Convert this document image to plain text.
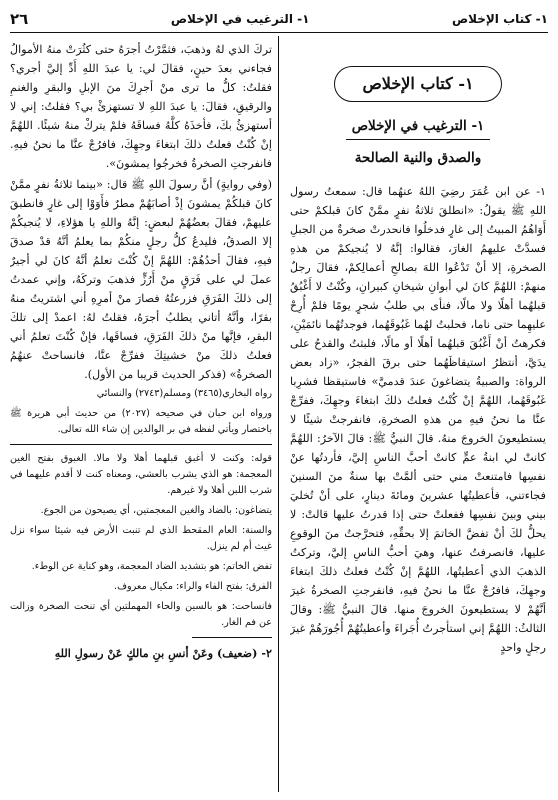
١- كتاب الإخلاص
١- الترغيب في الإخلاص
٢٦
١- كتاب الإخلاص
١- الترغيب في الإخلاص
والصدق والنية الصالحة

١- عن ابن عُمَرَ رضِيَ اللهُ عنهُما قال: سمعتُ رسول اللهِ ﷺ يقولُ: «انطلقَ ثلاثةُ نفرٍ ممَّنْ كانَ قبلكمْ حتى أَوَاهُمُ المبيتُ إلى غارٍ فدخلُوا فانحدرتْ صخرةٌ من الجبلِ فسدَّتْ عليهمُ الغارَ، فقالوا: إنَّهُ لا يُنجيكمْ من هذهِ الصخرةِ، إلا أنْ تَدْعُوا اللهَ بصالحِ أعمالِكمْ، فقالَ رجلٌ منهمْ: اللهُمَّ كانَ لي أبوانِ شيخانِ كبيرانِ، وكُنْتُ لا أَغْبُقُ قبلهُما أهلًا ولا مالًا، فنأى بي طلبُ شجرٍ يومًا فلمْ أُرِحْ عليهِما حتى ناما، فحلبتُ لهُما غَبُوقَهُما، فوجدتُهُما نائمَيْنِ، فكرهتُ أنْ أَغْبُقَ قبلهُما أهلًا أو مالًا، فلبثتُ والقدحُ على يدَيَّ، أنتظرُ استيقاظَهُما حتى برقَ الفجرُ، «زاد بعض الرواة: والصبيةُ يتضاغونَ عندَ قدميَّ» فاستيقظا فشرِبا غَبُوقَهُما، اللهُمَّ إنْ كُنْتُ فعلتُ ذلكَ ابتغاءَ وجهِكَ، ففرِّجْ عنَّا ما نحنُ فيهِ من هذهِ الصخرةِ، فانفرجتْ شيئًا لا يستطيعونَ الخروجَ منهُ. قالَ النبيُّ ﷺ: قالَ الآخرُ: اللهُمَّ كانتْ لي ابنةُ عمٍّ كانتْ أحبَّ الناسِ إليَّ، فأردتُها عنْ نفسِها فامتنعتْ مني حتى ألمَّتْ بها سنةٌ منَ السنينَ فجاءتني، فأعطيتُها عشرينَ ومائةَ دينارٍ، على أنْ تُخليَ بيني وبينَ نفسِها ففعلتْ حتى إذا قدرتُ عليها قالتْ: لا يحلُّ لكَ أنْ تفضَّ الخاتمَ إلا بحقِّهِ، فتحرَّجتُ منَ الوقوعِ عليها، فانصرفتُ عنها، وهيَ أحبُّ الناسِ إليَّ، وتركتُ الذهبَ الذي أعطيتُها، اللهُمَّ إنْ كُنْتُ فعلتُ ذلكَ ابتغاءَ وجهِكَ، فافرُجْ عنَّا ما نحنُ فيهِ، فانفرجتِ الصخرةُ غيرَ أنَّهُمْ لا يستطيعونَ الخروجَ منها. قالَ النبيُّ ﷺ: وقالَ الثالثُ: اللهُمَّ إني استأجرتُ أُجَراءَ وأعطيتُهُمْ أُجُورَهُمْ غيرَ رجلٍ واحدٍ

تركَ الذي لهُ وذهبَ، فثمَّرْتُ أجرَهُ حتى كثُرَتْ منهُ الأموالُ فجاءني بعدَ حينٍ، فقالَ لي: يا عبدَ اللهِ أَدِّ إليَّ أجري؟ فقلتُ: كلُّ ما ترى منْ أجرِكَ منَ الإبلِ والبقرِ والغنمِ والرقيقِ، فقالَ: يا عبدَ اللهِ لا تستهزئْ بي؟ فقلتُ: إني لا أستهزئُ بكَ، فأخذَهُ كلَّهُ فساقَهُ فلمْ يتركْ منهُ شيئًا. اللهُمَّ إنْ كُنْتُ فعلتُ ذلكَ ابتغاءَ وجهِكَ، فافرُجْ عنَّا ما نحنُ فيهِ. فانفرجتِ الصخرةُ فخرجُوا يمشونَ».

(وفي روايةٍ) أنَّ رسولَ اللهِ ﷺ قال: «بينما ثلاثةُ نفرٍ ممَّنْ كانَ قبلكُمْ يمشونَ إذْ أصابَهُمْ مطرٌ فأَوَوْا إلى غارٍ فانطبقَ عليهمْ، فقالَ بعضُهُمْ لبعضٍ: إنَّهُ واللهِ يا هؤلاءِ، لا يُنجيكُمْ إلا الصدقُ، فليدعُ كلُّ رجلٍ منكُمْ بما يعلمُ أنَّهُ قدْ صدقَ فيهِ، فقالَ أحدُهُمْ: اللهُمَّ إنْ كُنْتَ تعلمُ أنَّهُ كانَ لي أجيرٌ عملَ لي على فَرَقٍ منْ أَرُزٍّ فذهبَ وتركَهُ، وإني عمدتُ إلى ذلكَ الفَرَقِ فزرعتُهُ فصارَ منْ أمرِهِ أني اشتريتُ منهُ بقرًا، وأنَّهُ أتاني يطلبُ أجرَهُ، فقلتُ لهُ: اعمدْ إلى تلكَ البقرِ، فإنَّها منْ ذلكَ الفَرَقِ، فساقَها، فإنْ كُنْتَ تعلمُ أني فعلتُ ذلكَ منْ خشيتِكَ ففرِّجْ عنَّا، فانساحتْ عنهُمُ الصخرةُ» (فذكر الحديث قريبا من الأول).

رواه البخاري(٣٤٦٥) ومسلم(٢٧٤٣) والنسائي

ورواه ابن حبان في صحيحه (٢٠٢٧) من حديث أبي هريرة ﷺ باختصار ويأتي لفظه في بر الوالدين إن شاء الله تعالى.

قوله: وكنت لا أغبق قبلهما أهلا ولا مالا. الغبوق بفتح الغين المعجمة: هو الذي يشرب بالعشي، ومعناه كنت لا أقدم عليهما في شرب اللبن أهلا ولا غيرهم.

يتضاغون: بالضاد والغين المعجمتين، أي يصيحون من الجوع.

والسنة: العام المقحط الذي لم تنبت الأرض فيه شيئا سواء نزل غيث أم لم ينزل.

تفض الخاتم: هو بتشديد الضاد المعجمة، وهو كناية عن الوطء.

الفرق: بفتح الفاء والراء: مكيال معروف.

فانساحت: هو بالسين والحاء المهملتين أي تنحت الصخرة وزالت عن فم الغار.

٢- (ضعيف) وعَنْ أنسِ بنِ مالكٍ عَنْ رسولِ اللهِ
